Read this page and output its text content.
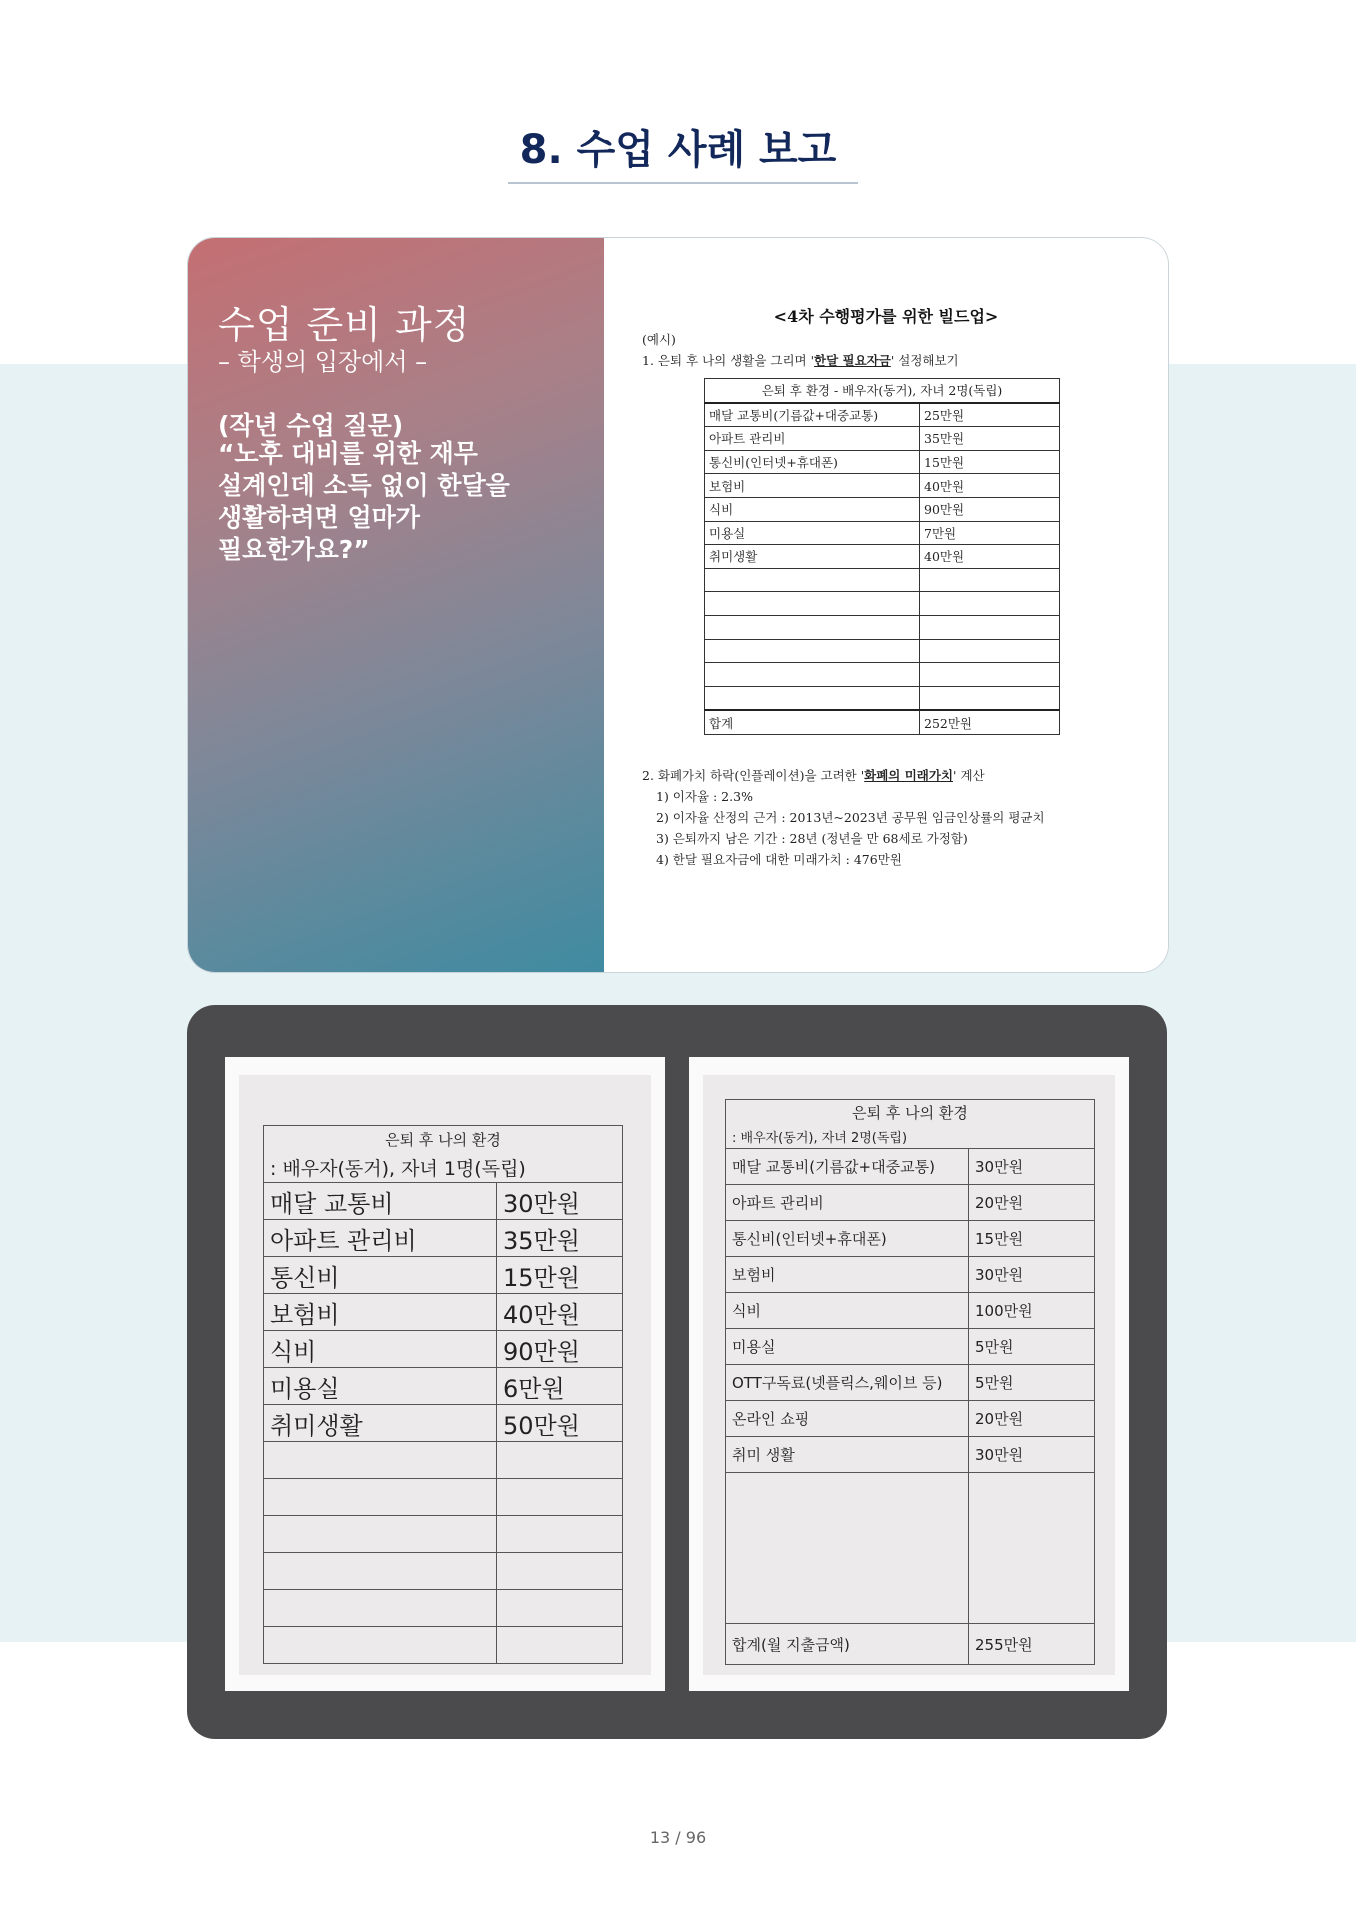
8. 수업 사례 보고
수업 준비 과정
– 학생의 입장에서 –
(작년 수업 질문)
“노후 대비를 위한 재무
설계인데 소득 없이 한달을
생활하려면 얼마가
필요한가요?”
<4차 수행평가를 위한 빌드업>
(예시)
1. 은퇴 후 나의 생활을 그리며 '한달 필요자금' 설정해보기
은퇴 후 환경 - 배우자(동거), 자녀 2명(독립)	
매달 교통비(기름값+대중교통)	25만원
아파트 관리비	35만원
통신비(인터넷+휴대폰)	15만원
보험비	40만원
식비	90만원
미용실	7만원
취미생활	40만원

합계	252만원
2. 화폐가치 하락(인플레이션)을 고려한 '화폐의 미래가치' 계산
1) 이자율 : 2.3%
2) 이자율 산정의 근거 : 2013년~2023년 공무원 임금인상률의 평균치
3) 은퇴까지 남은 기간 : 28년 (정년을 만 68세로 가정함)
4) 한달 필요자금에 대한 미래가치 : 476만원
은퇴 후 나의 환경	
: 배우자(동거), 자녀 1명(독립)	
매달 교통비	30만원
아파트 관리비	35만원
통신비	15만원
보험비	40만원
식비	90만원
미용실	6만원
취미생활	50만원

은퇴 후 나의 환경	
: 배우자(동거), 자녀 2명(독립)	
매달 교통비(기름값+대중교통)	30만원
아파트 관리비	20만원
통신비(인터넷+휴대폰)	15만원
보험비	30만원
식비	100만원
미용실	5만원
OTT구독료(넷플릭스,웨이브 등)	5만원
온라인 쇼핑	20만원
취미 생활	30만원

합계(월 지출금액)	255만원
13 / 96
